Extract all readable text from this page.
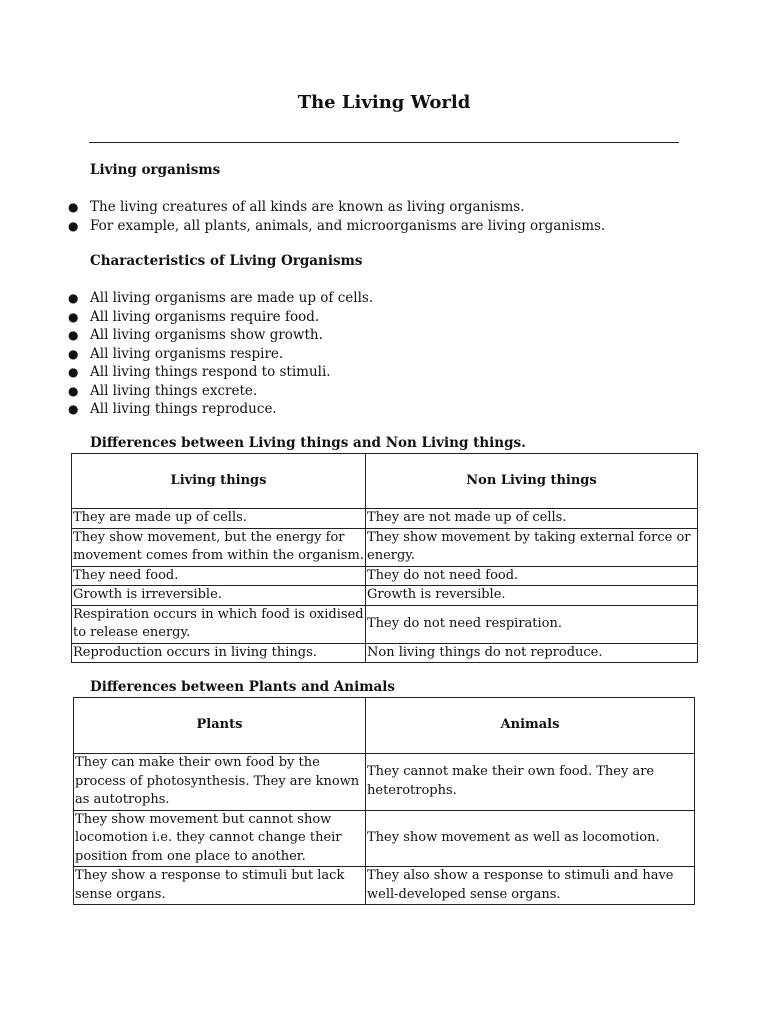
The Living World
Living organisms
● The living creatures of all kinds are known as living organisms.
● For example, all plants, animals, and microorganisms are living organisms.
Characteristics of Living Organisms
● All living organisms are made up of cells.
● All living organisms require food.
● All living organisms show growth.
● All living organisms respire.
● All living things respond to stimuli.
● All living things excrete.
● All living things reproduce.
Differences between Living things and Non Living things.
Living things	Non Living things
They are made up of cells.	They are not made up of cells.
They show movement, but the energy for movement comes from within the organism.	They show movement by taking external force or energy.
They need food.	They do not need food.
Growth is irreversible.	Growth is reversible.
Respiration occurs in which food is oxidised to release energy.	They do not need respiration.
Reproduction occurs in living things.	Non living things do not reproduce.
Differences between Plants and Animals
Plants	Animals
They can make their own food by the process of photosynthesis. They are known as autotrophs.	They cannot make their own food. They are heterotrophs.
They show movement but cannot show locomotion i.e. they cannot change their position from one place to another.	They show movement as well as locomotion.
They show a response to stimuli but lack sense organs.	They also show a response to stimuli and have well-developed sense organs.
